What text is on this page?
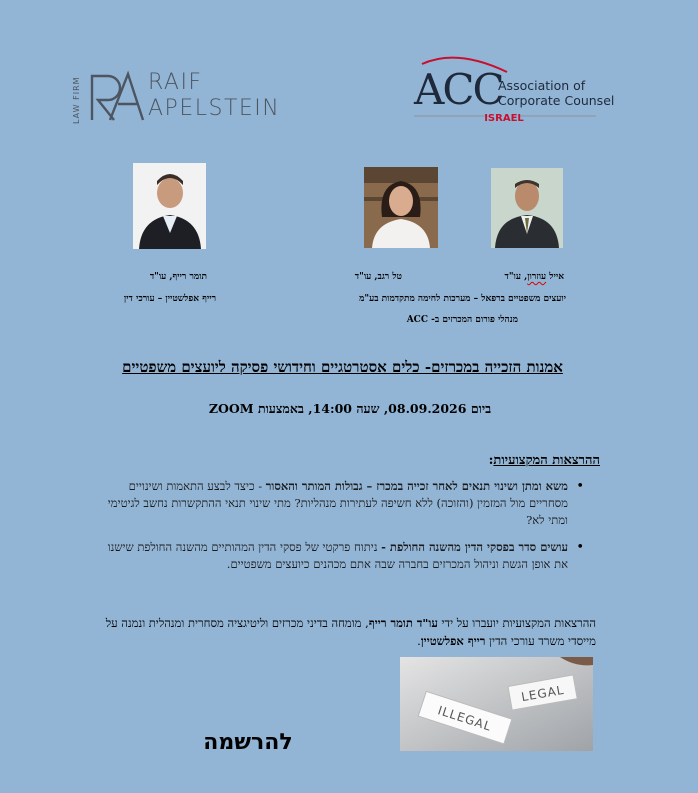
LAW FIRM	RAIF
APELSTEIN	ACC
Association of
Corporate Counsel
ISRAEL
תומר רייף, עו"ד
רייף אפלשטיין – עורכי דין
טל רגב, עו"ד	אייל עוזרון, עו"ד
יועצים משפטיים ברפאל – מערכות לחימה מתקדמות בע"מ
מנהלי פורום המכרזים ב- ACC
אמנות הזכייה במכרזים- כלים אסטרטגיים וחידושי פסיקה ליועצים משפטיים
ביום 08.09.2026, שעה 14:00, באמצעות ZOOM
ההרצאות המקצועיות:
• משא ומתן ושינוי תנאים לאחר זכייה במכרז – גבולות המותר והאסור - כיצד לבצע התאמות ושינויים מסחריים מול המזמין (והזוכה) ללא חשיפה לעתירות מנהליות? מתי שינוי תנאי ההתקשרות נחשב לגיטימי ומתי לא?
• עושים סדר בפסקי הדין מהשנה החולפת - ניתוח פרקטי של פסקי הדין המהותיים מהשנה החולפת שישנו את אופן הגשת וניהול המכרזים בחברה שבה אתם מכהנים כיועצים משפטיים.
ההרצאות המקצועיות יועברו על ידי עו"ד תומר רייף, מומחה בדיני מכרזים וליטיגציה מסחרית ומנהלית ונמנה על מייסדי משרד עורכי הדין רייף אפלשטיין.
LEGAL
ILLEGAL
להרשמה
